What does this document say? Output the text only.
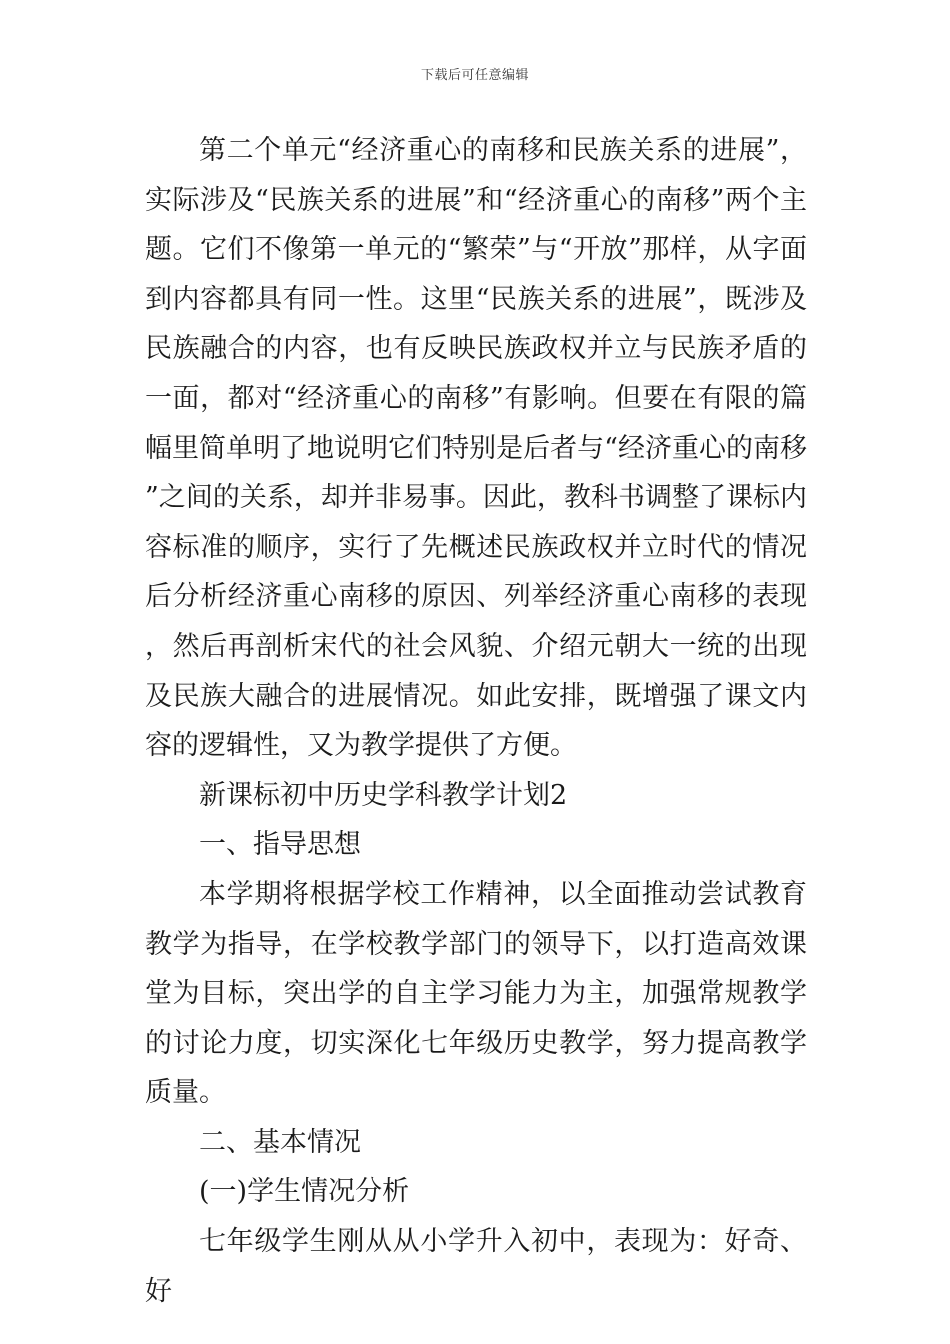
下载后可任意编辑

第二个单元“经济重心的南移和民族关系的进展”，实际涉及“民族关系的进展”和“经济重心的南移”两个主题。它们不像第一单元的“繁荣”与“开放”那样，从字面到内容都具有同一性。这里“民族关系的进展”，既涉及民族融合的内容，也有反映民族政权并立与民族矛盾的一面，都对“经济重心的南移”有影响。但要在有限的篇幅里简单明了地说明它们特别是后者与“经济重心的南移”之间的关系，却并非易事。因此，教科书调整了课标内容标准的顺序，实行了先概述民族政权并立时代的情况后分析经济重心南移的原因、列举经济重心南移的表现，然后再剖析宋代的社会风貌、介绍元朝大一统的出现及民族大融合的进展情况。如此安排，既增强了课文内容的逻辑性，又为教学提供了方便。

新课标初中历史学科教学计划2

一、指导思想

本学期将根据学校工作精神，以全面推动尝试教育教学为指导，在学校教学部门的领导下，以打造高效课堂为目标，突出学的自主学习能力为主，加强常规教学的讨论力度，切实深化七年级历史教学，努力提高教学质量。

二、基本情况

(一)学生情况分析

七年级学生刚从从小学升入初中，表现为：好奇、好
